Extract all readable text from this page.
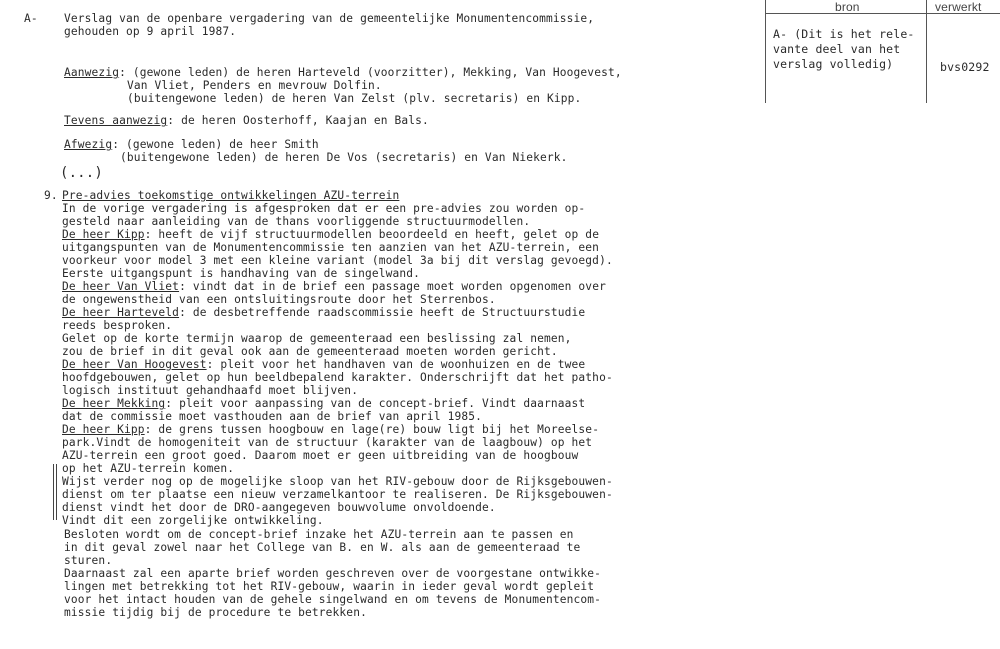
A- Verslag van de openbare vergadering van de gemeentelijke Monumentencommissie,
gehouden op 9 april 1987.
bron	verwerkt
A- (Dit is het rele-
vante deel van het
verslag volledig)	bvs0292
Aanwezig: (gewone leden) de heren Harteveld (voorzitter), Mekking, Van Hoogevest,
Van Vliet, Penders en mevrouw Dolfin.
(buitengewone leden) de heren Van Zelst (plv. secretaris) en Kipp.
Tevens aanwezig: de heren Oosterhoff, Kaajan en Bals.
Afwezig: (gewone leden) de heer Smith
(buitengewone leden) de heren De Vos (secretaris) en Van Niekerk.
(...)
9. Pre-advies toekomstige ontwikkelingen AZU-terrein
In de vorige vergadering is afgesproken dat er een pre-advies zou worden op-
gesteld naar aanleiding van de thans voorliggende structuurmodellen.
De heer Kipp: heeft de vijf structuurmodellen beoordeeld en heeft, gelet op de
uitgangspunten van de Monumentencommissie ten aanzien van het AZU-terrein, een
voorkeur voor model 3 met een kleine variant (model 3a bij dit verslag gevoegd).
Eerste uitgangspunt is handhaving van de singelwand.
De heer Van Vliet: vindt dat in de brief een passage moet worden opgenomen over
de ongewenstheid van een ontsluitingsroute door het Sterrenbos.
De heer Harteveld: de desbetreffende raadscommissie heeft de Structuurstudie
reeds besproken.
Gelet op de korte termijn waarop de gemeenteraad een beslissing zal nemen,
zou de brief in dit geval ook aan de gemeenteraad moeten worden gericht.
De heer Van Hoogevest: pleit voor het handhaven van de woonhuizen en de twee
hoofdgebouwen, gelet op hun beeldbepalend karakter. Onderschrijft dat het patho-
logisch instituut gehandhaafd moet blijven.
De heer Mekking: pleit voor aanpassing van de concept-brief. Vindt daarnaast
dat de commissie moet vasthouden aan de brief van april 1985.
De heer Kipp: de grens tussen hoogbouw en lage(re) bouw ligt bij het Moreelse-
park.Vindt de homogeniteit van de structuur (karakter van de laagbouw) op het
AZU-terrein een groot goed. Daarom moet er geen uitbreiding van de hoogbouw
op het AZU-terrein komen.
Wijst verder nog op de mogelijke sloop van het RIV-gebouw door de Rijksgebouwen-
dienst om ter plaatse een nieuw verzamelkantoor te realiseren. De Rijksgebouwen-
dienst vindt het door de DRO-aangegeven bouwvolume onvoldoende.
Vindt dit een zorgelijke ontwikkeling.
Besloten wordt om de concept-brief inzake het AZU-terrein aan te passen en
in dit geval zowel naar het College van B. en W. als aan de gemeenteraad te
sturen.
Daarnaast zal een aparte brief worden geschreven over de voorgestane ontwikke-
lingen met betrekking tot het RIV-gebouw, waarin in ieder geval wordt gepleit
voor het intact houden van de gehele singelwand en om tevens de Monumentencom-
missie tijdig bij de procedure te betrekken.
